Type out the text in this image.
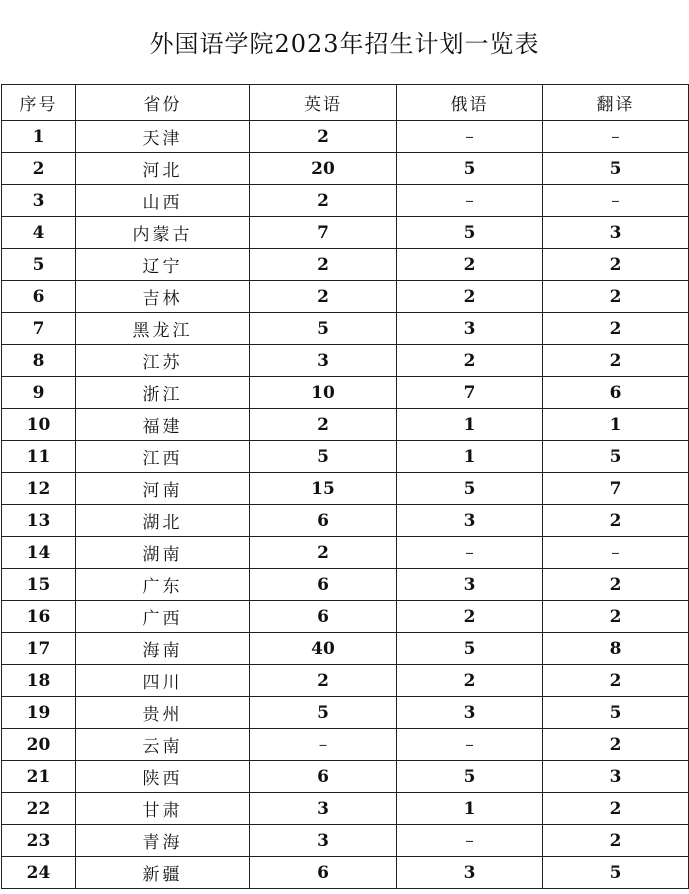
外国语学院2023年招生计划一览表
序号	省份	英语	俄语	翻译
1	天津	2	–	–
2	河北	20	5	5
3	山西	2	–	–
4	内蒙古	7	5	3
5	辽宁	2	2	2
6	吉林	2	2	2
7	黑龙江	5	3	2
8	江苏	3	2	2
9	浙江	10	7	6
10	福建	2	1	1
11	江西	5	1	5
12	河南	15	5	7
13	湖北	6	3	2
14	湖南	2	–	–
15	广东	6	3	2
16	广西	6	2	2
17	海南	40	5	8
18	四川	2	2	2
19	贵州	5	3	5
20	云南	–	–	2
21	陕西	6	5	3
22	甘肃	3	1	2
23	青海	3	–	2
24	新疆	6	3	5
